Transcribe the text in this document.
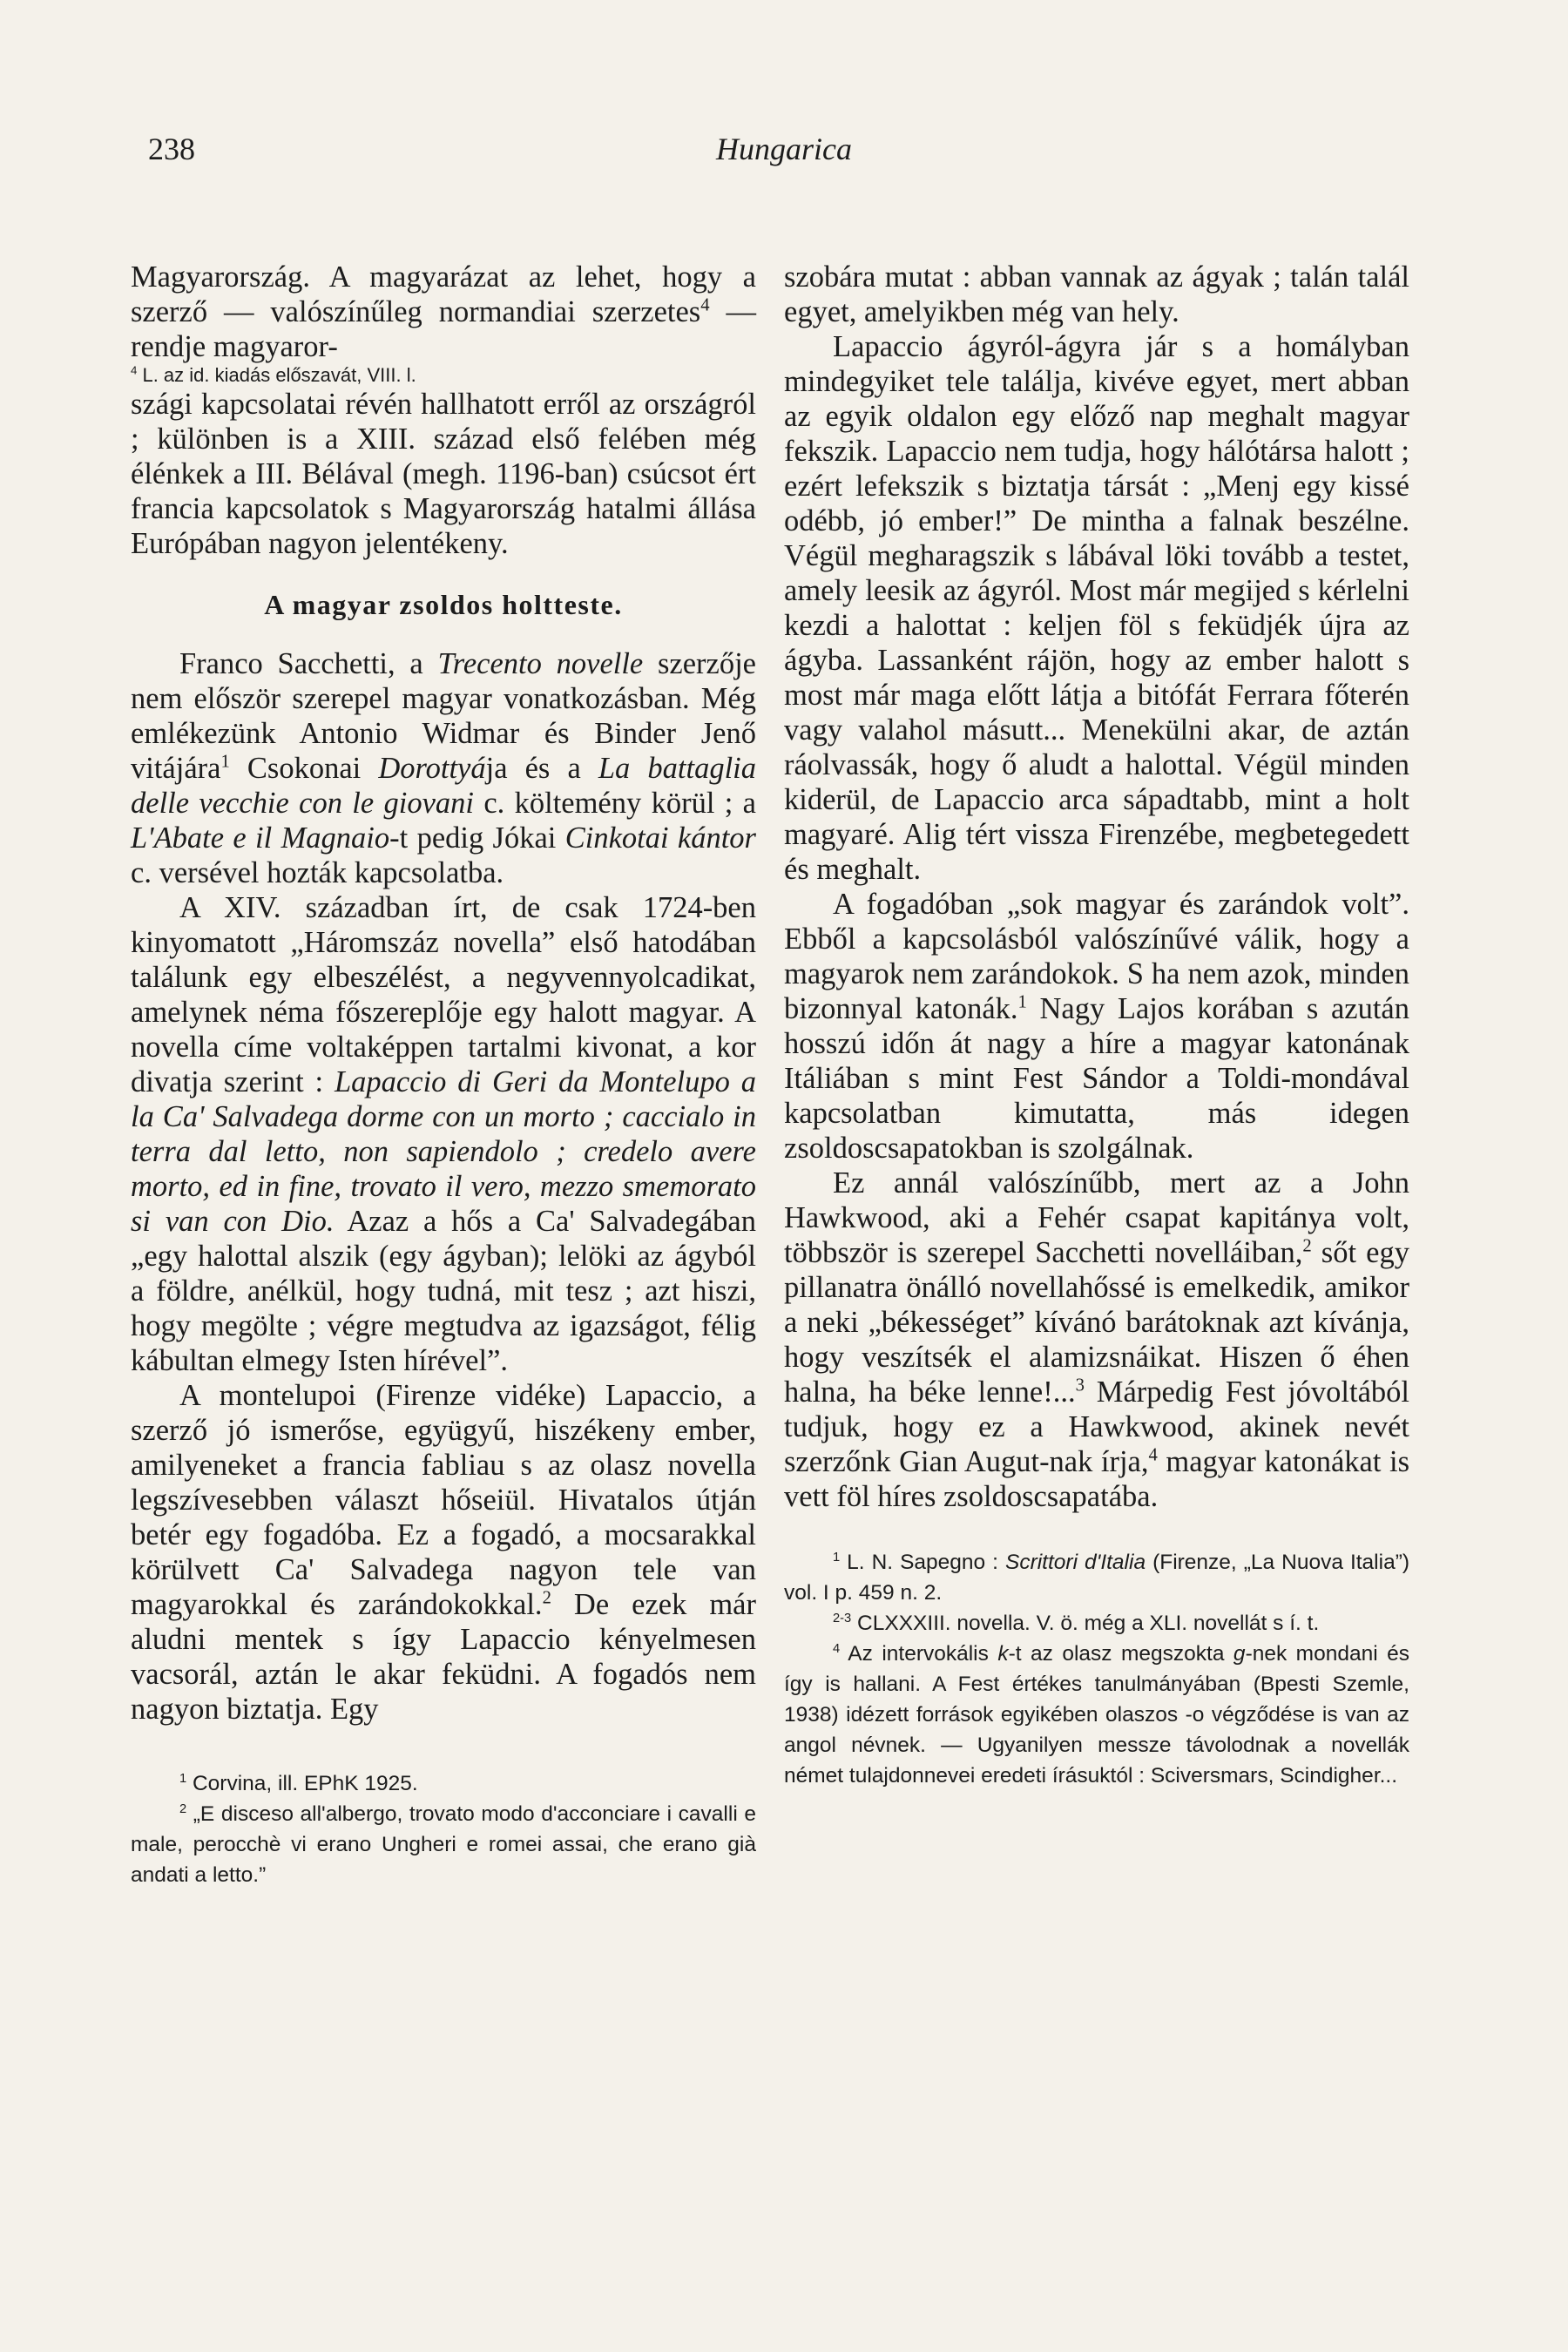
238	Hungarica

Magyarország. A magyarázat az lehet, hogy a szerző — valószínűleg normandiai szerzetes$^4$ — rendje magyaror-

$^4$ L. az id. kiadás előszavát, VIII. l.

szági kapcsolatai révén hallhatott erről az országról ; különben is a XIII. század első felében még élénkek a III. Bélával (megh. 1196-ban) csúcsot ért francia kapcsolatok s Magyarország hatalmi állása Európában nagyon jelentékeny.

A magyar zsoldos holtteste.

Franco Sacchetti, a Trecento novelle szerzője nem először szerepel magyar vonatkozásban. Még emlékezünk Antonio Widmar és Binder Jenő vitájára$^1$ Csokonai Dorottyája és a La battaglia delle vecchie con le giovani c. költemény körül ; a L'Abate e il Magnaio-t pedig Jókai Cinkotai kántor c. versével hozták kapcsolatba.

A XIV. században írt, de csak 1724-ben kinyomatott „Háromszáz novella” első hatodában találunk egy elbeszélést, a negyvennyolcadikat, amelynek néma főszereplője egy halott magyar. A novella címe voltaképpen tartalmi kivonat, a kor divatja szerint : Lapaccio di Geri da Montelupo a la Ca' Salvadega dorme con un morto ; caccialo in terra dal letto, non sapiendolo ; credelo avere morto, ed in fine, trovato il vero, mezzo smemorato si van con Dio. Azaz a hős a Ca' Salvadegában „egy halottal alszik (egy ágyban); lelöki az ágyból a földre, anélkül, hogy tudná, mit tesz ; azt hiszi, hogy megölte ; végre megtudva az igazságot, félig kábultan elmegy Isten hírével”.

A montelupoi (Firenze vidéke) Lapaccio, a szerző jó ismerőse, együgyű, hiszékeny ember, amilyeneket a francia fabliau s az olasz novella legszívesebben választ hőseiül. Hivatalos útján betér egy fogadóba. Ez a fogadó, a mocsarakkal körülvett Ca' Salvadega nagyon tele van magyarokkal és zarándokokkal.$^2$ De ezek már aludni mentek s így Lapaccio kényelmesen vacsorál, aztán le akar feküdni. A fogadós nem nagyon biztatja. Egy

$^1$ Corvina, ill. EPhK 1925.

$^2$ „E disceso all'albergo, trovato modo d'acconciare i cavalli e male, perocchè vi erano Ungheri e romei assai, che erano già andati a letto.”

szobára mutat : abban vannak az ágyak ; talán talál egyet, amelyikben még van hely.

Lapaccio ágyról-ágyra jár s a homályban mindegyiket tele találja, kivéve egyet, mert abban az egyik oldalon egy előző nap meghalt magyar fekszik. Lapaccio nem tudja, hogy hálótársa halott ; ezért lefekszik s biztatja társát : „Menj egy kissé odébb, jó ember!” De mintha a falnak beszélne. Végül megharagszik s lábával löki tovább a testet, amely leesik az ágyról. Most már megijed s kérlelni kezdi a halottat : keljen föl s feküdjék újra az ágyba. Lassanként rájön, hogy az ember halott s most már maga előtt látja a bitófát Ferrara főterén vagy valahol másutt... Menekülni akar, de aztán ráolvassák, hogy ő aludt a halottal. Végül minden kiderül, de Lapaccio arca sápadtabb, mint a holt magyaré. Alig tért vissza Firenzébe, megbetegedett és meghalt.

A fogadóban „sok magyar és zarándok volt”. Ebből a kapcsolásból valószínűvé válik, hogy a magyarok nem zarándokok. S ha nem azok, minden bizonnyal katonák.$^1$ Nagy Lajos korában s azután hosszú időn át nagy a híre a magyar katonának Itáliában s mint Fest Sándor a Toldi-mondával kapcsolatban kimutatta, más idegen zsoldoscsapatokban is szolgálnak.

Ez annál valószínűbb, mert az a John Hawkwood, aki a Fehér csapat kapitánya volt, többször is szerepel Sacchetti novelláiban,$^2$ sőt egy pillanatra önálló novellahőssé is emelkedik, amikor a neki „békességet” kívánó barátoknak azt kívánja, hogy veszítsék el alamizsnáikat. Hiszen ő éhen halna, ha béke lenne!...$^3$ Márpedig Fest jóvoltából tudjuk, hogy ez a Hawkwood, akinek nevét szerzőnk Gian Augut-nak írja,$^4$ magyar katonákat is vett föl híres zsoldoscsapatába.

$^1$ L. N. Sapegno : Scrittori d'Italia (Firenze, „La Nuova Italia”) vol. I p. 459 n. 2.

$^{2-3}$ CLXXXIII. novella. V. ö. még a XLI. novellát s í. t.

$^4$ Az intervokális k-t az olasz megszokta g-nek mondani és így is hallani. A Fest értékes tanulmányában (Bpesti Szemle, 1938) idézett források egyikében olaszos -o végződése is van az angol névnek. — Ugyanilyen messze távolodnak a novellák német tulajdonnevei eredeti írásuktól : Sciversmars, Scindigher...
